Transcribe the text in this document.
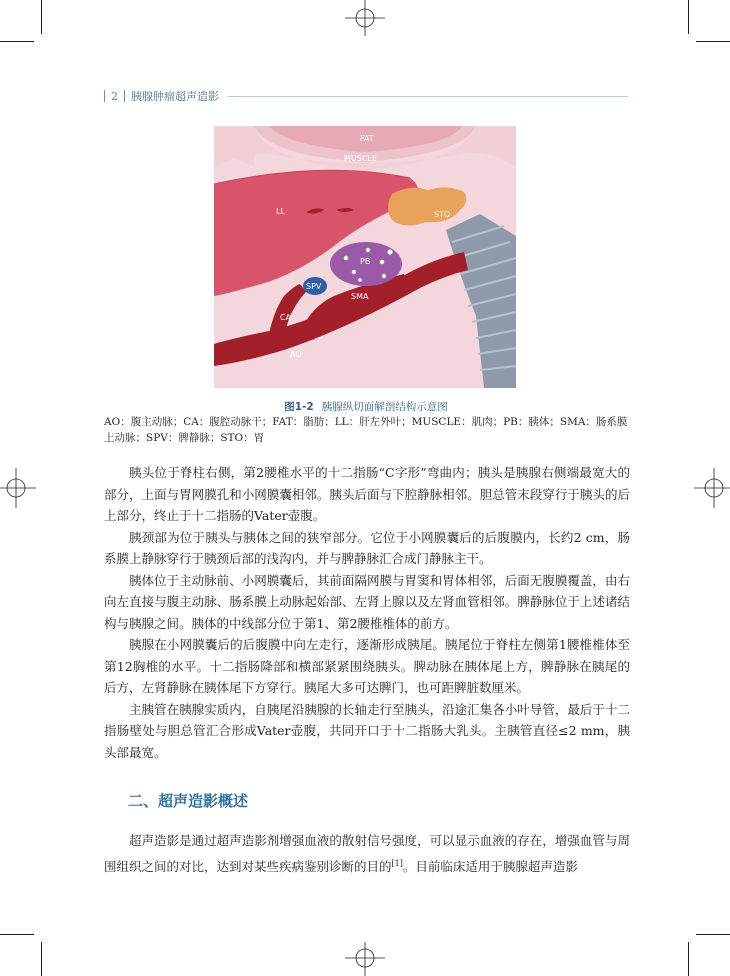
2 胰腺肿瘤超声造影
FAT
MUSCLE
LL	STO
PB
SPV
SMA
CA
AO
图1-2 胰腺纵切面解剖结构示意图
AO：腹主动脉；CA：腹腔动脉干；FAT：脂肪；LL：肝左外叶；MUSCLE：肌肉；PB：胰体；SMA：肠系膜上动脉；SPV：脾静脉；STO：胃

胰头位于脊柱右侧，第2腰椎水平的十二指肠“C字形”弯曲内；胰头是胰腺右侧端最宽大的部分，上面与胃网膜孔和小网膜囊相邻。胰头后面与下腔静脉相邻。胆总管末段穿行于胰头的后上部分，终止于十二指肠的Vater壶腹。

胰颈部为位于胰头与胰体之间的狭窄部分。它位于小网膜囊后的后腹膜内，长约2 cm，肠系膜上静脉穿行于胰颈后部的浅沟内，并与脾静脉汇合成门静脉主干。

胰体位于主动脉前、小网膜囊后，其前面隔网膜与胃窦和胃体相邻，后面无腹膜覆盖，由右向左直接与腹主动脉、肠系膜上动脉起始部、左肾上腺以及左肾血管相邻。脾静脉位于上述诸结构与胰腺之间。胰体的中线部分位于第1、第2腰椎椎体的前方。

胰腺在小网膜囊后的后腹膜中向左走行，逐渐形成胰尾。胰尾位于脊柱左侧第1腰椎椎体至第12胸椎的水平。十二指肠降部和横部紧紧围绕胰头。脾动脉在胰体尾上方，脾静脉在胰尾的后方，左肾静脉在胰体尾下方穿行。胰尾大多可达脾门，也可距脾脏数厘米。

主胰管在胰腺实质内，自胰尾沿胰腺的长轴走行至胰头，沿途汇集各小叶导管，最后于十二指肠壁处与胆总管汇合形成Vater壶腹，共同开口于十二指肠大乳头。主胰管直径≤2 mm，胰头部最宽。

二、超声造影概述

超声造影是通过超声造影剂增强血液的散射信号强度，可以显示血液的存在，增强血管与周围组织之间的对比，达到对某些疾病鉴别诊断的目的[1]。目前临床适用于胰腺超声造影
